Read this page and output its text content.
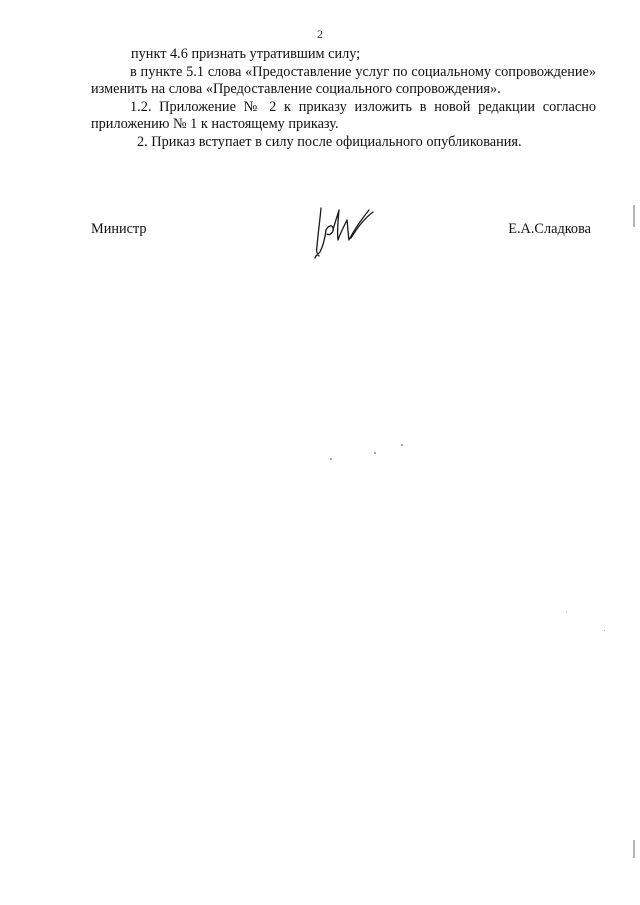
2

пункт 4.6 признать утратившим силу;

в пункте 5.1 слова «Предоставление услуг по социальному сопровождение» изменить на слова «Предоставление социального сопровождения».

1.2. Приложение № 2 к приказу изложить в новой редакции согласно приложению № 1 к настоящему приказу.

2. Приказ вступает в силу после официального опубликования.

Министр	Е.А.Сладкова
